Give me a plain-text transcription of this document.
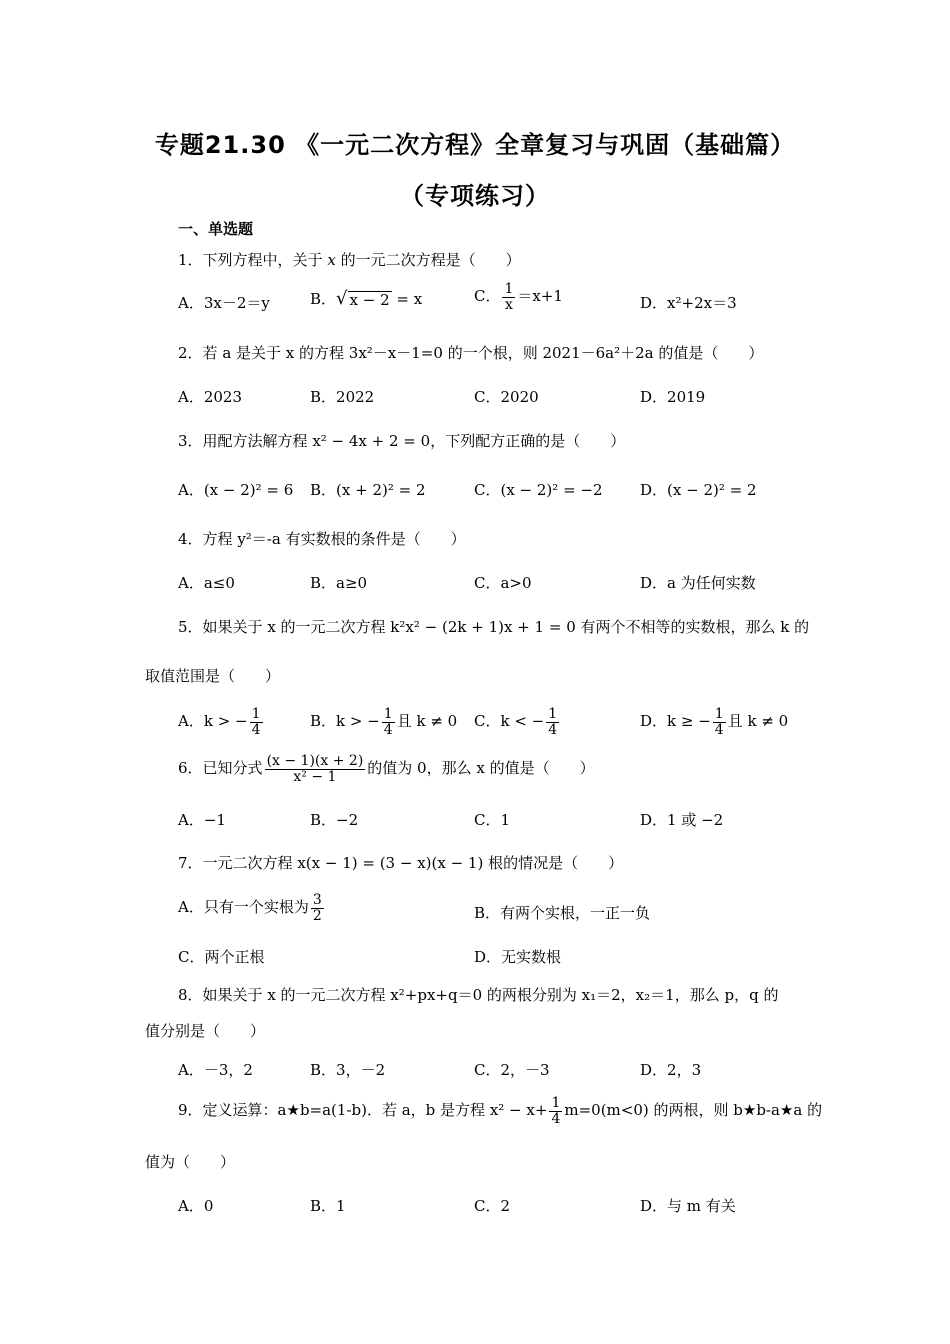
专题21.30 《一元二次方程》全章复习与巩固（基础篇）
（专项练习）
一、单选题
1．下列方程中，关于 x 的一元二次方程是（　　）
A．3x－2＝y	B． √ x − 2 = x	C． $\frac{1}{x} =x+1$	D．x²+2x＝3
2．若 a 是关于 x 的方程 3x²－x－1=0 的一个根，则 2021－6a²＋2a 的值是（　　）
A．2023	B．2022	C．2020	D．2019
3．用配方法解方程 x² − 4x + 2 = 0，下列配方正确的是（　　）
A．(x − 2)² = 6 B．(x + 2)² = 2	C．(x − 2)² = −2 D．(x − 2)² = 2
4．方程 y²＝-a 有实数根的条件是（　　）
A．a≤0	B．a≥0	C．a>0	D．a 为任何实数
5．如果关于 x 的一元二次方程 k²x² − (2k + 1)x + 1 = 0 有两个不相等的实数根，那么 k 的
取值范围是（　　）
A．k > − $\frac{1}{4}$	B．k > − $\frac{1}{4}$ 且 k ≠ 0 C．k < − $\frac{1}{4}$	D．k ≥ − $\frac{1}{4}$ 且 k ≠ 0
6．已知分式 $\frac{(x - 1)(x + 2)}{\text{x² − 1}}$ 的值为 0，那么 x 的值是（　　）
A．−1	B．−2	C．1	D．1 或 −2
7．一元二次方程 x(x − 1) = (3 − x)(x − 1) 根的情况是（　　）
A．只有一个实根为 $\frac{3}{2}$	B．有两个实根，一正一负
C．两个正根	D．无实数根
8．如果关于 x 的一元二次方程 x²+px+q＝0 的两根分别为 x₁＝2，x₂＝1，那么 p，q 的
值分别是（　　）
A．－3，2	B．3，－2	C．2，－3	D．2，3
9．定义运算：a★b=a(1-b)．若 a，b 是方程 $x^2 - x+ \frac{1}{4} m=0(m<0)$ 的两根，则 b★b-a★a 的
值为（　　）
A．0	B．1	C．2	D．与 m 有关
